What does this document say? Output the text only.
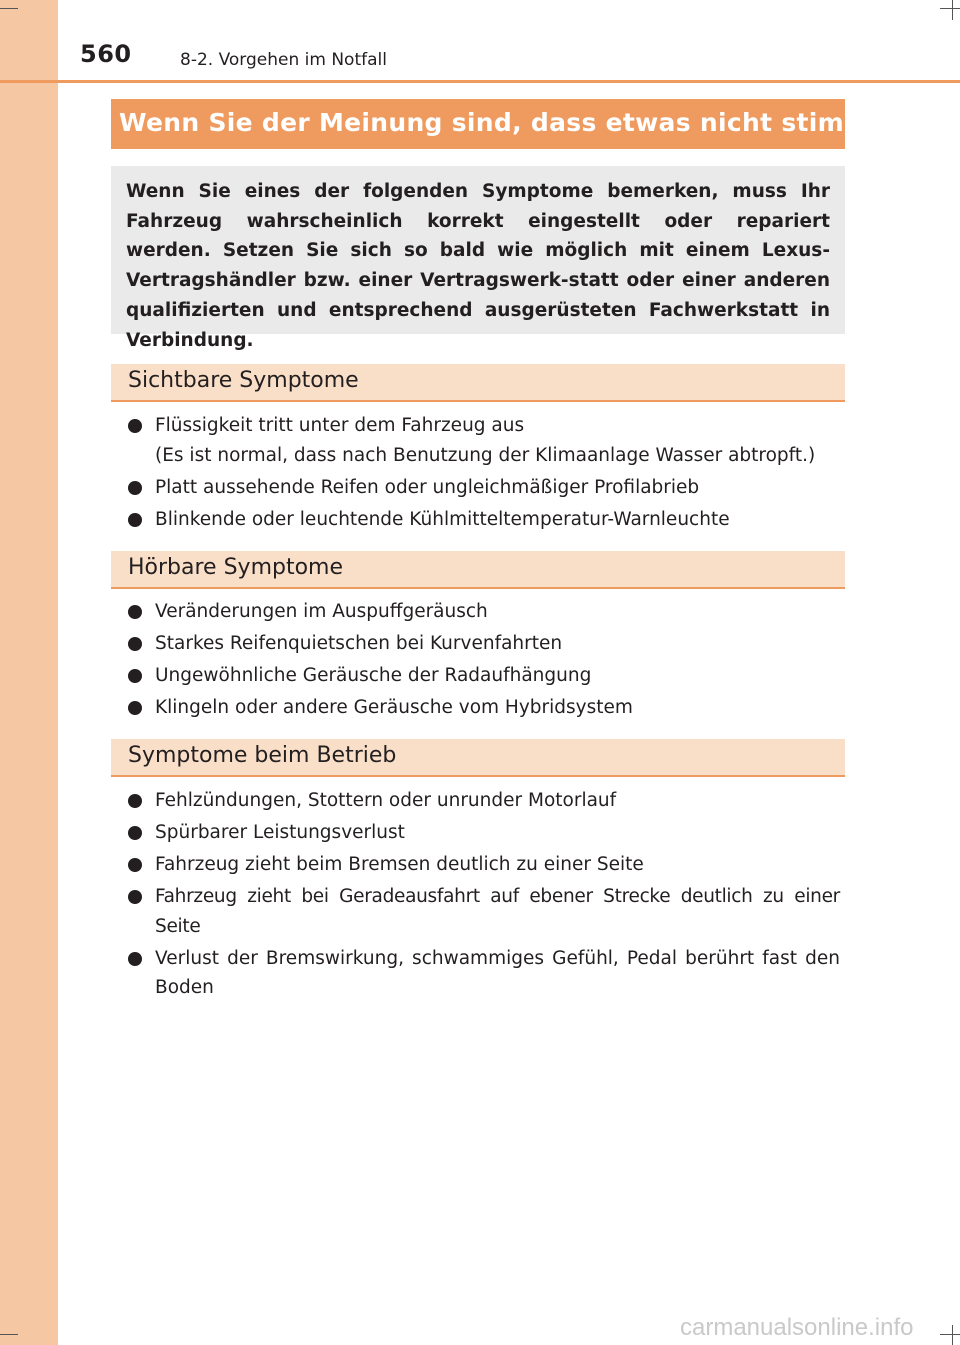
560	8-2. Vorgehen im Notfall
Wenn Sie der Meinung sind, dass etwas nicht stimmt
Wenn Sie eines der folgenden Symptome bemerken, muss Ihr Fahrzeug wahrscheinlich korrekt eingestellt oder repariert werden. Setzen Sie sich so bald wie möglich mit einem Lexus-Vertragshändler bzw. einer Vertragswerk-statt oder einer anderen qualifizierten und entsprechend ausgerüsteten Fachwerkstatt in Verbindung.
Sichtbare Symptome
Flüssigkeit tritt unter dem Fahrzeug aus
(Es ist normal, dass nach Benutzung der Klimaanlage Wasser abtropft.)
Platt aussehende Reifen oder ungleichmäßiger Profilabrieb
Blinkende oder leuchtende Kühlmitteltemperatur-Warnleuchte
Hörbare Symptome
Veränderungen im Auspuffgeräusch
Starkes Reifenquietschen bei Kurvenfahrten
Ungewöhnliche Geräusche der Radaufhängung
Klingeln oder andere Geräusche vom Hybridsystem
Symptome beim Betrieb
Fehlzündungen, Stottern oder unrunder Motorlauf
Spürbarer Leistungsverlust
Fahrzeug zieht beim Bremsen deutlich zu einer Seite
Fahrzeug zieht bei Geradeausfahrt auf ebener Strecke deutlich zu einer Seite
Verlust der Bremswirkung, schwammiges Gefühl, Pedal berührt fast den Boden
carmanualsonline.info
